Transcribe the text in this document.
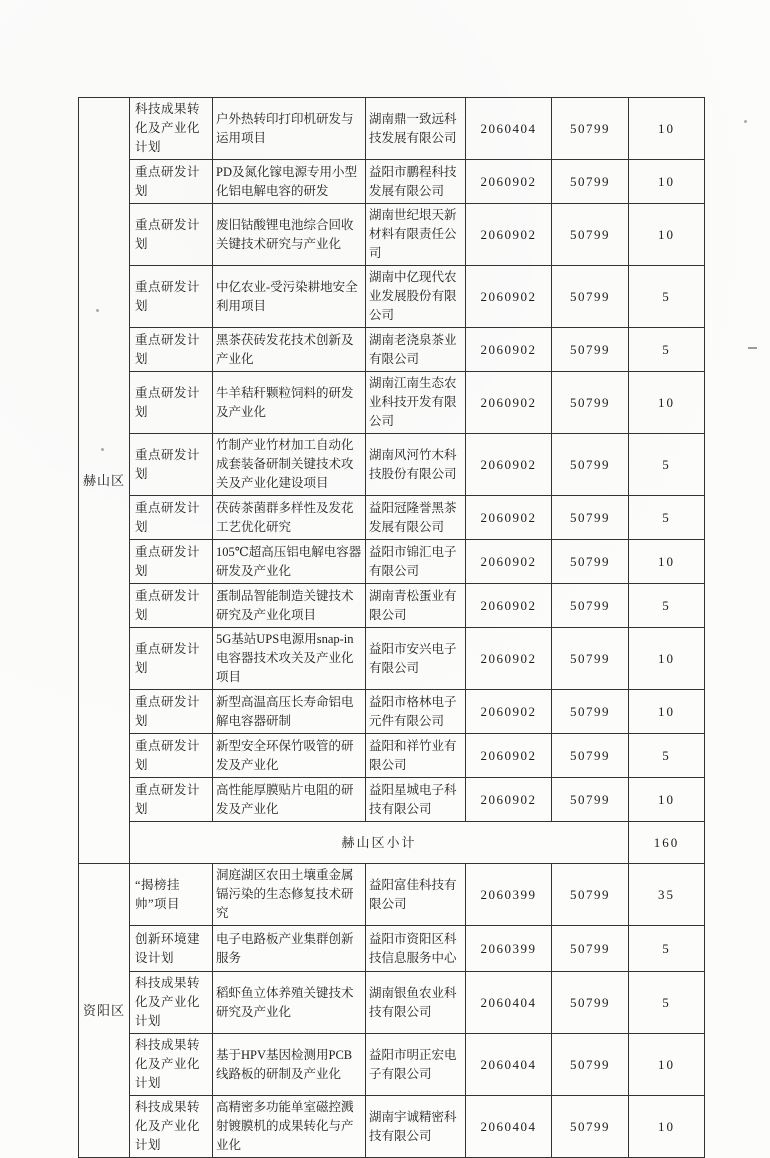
赫山区	科技成果转化及产业化计划	户外热转印打印机研发与运用项目	湖南鼎一致远科技发展有限公司	2060404	50799	10
	重点研发计划	PD及氮化镓电源专用小型化铝电解电容的研发	益阳市鹏程科技发展有限公司	2060902	50799	10
	重点研发计划	废旧钴酸锂电池综合回收关键技术研究与产业化	湖南世纪垠天新材料有限责任公司	2060902	50799	10
	重点研发计划	中亿农业-受污染耕地安全利用项目	湖南中亿现代农业发展股份有限公司	2060902	50799	5
	重点研发计划	黑茶茯砖发花技术创新及产业化	湖南老浇泉茶业有限公司	2060902	50799	5
	重点研发计划	牛羊秸秆颗粒饲料的研发及产业化	湖南江南生态农业科技开发有限公司	2060902	50799	10
	重点研发计划	竹制产业竹材加工自动化成套装备研制关键技术攻关及产业化建设项目	湖南风河竹木科技股份有限公司	2060902	50799	5
	重点研发计划	茯砖茶菌群多样性及发花工艺优化研究	益阳冠隆誉黑茶发展有限公司	2060902	50799	5
	重点研发计划	105℃超高压铝电解电容器研发及产业化	益阳市锦汇电子有限公司	2060902	50799	10
	重点研发计划	蛋制品智能制造关键技术研究及产业化项目	湖南青松蛋业有限公司	2060902	50799	5
	重点研发计划	5G基站UPS电源用snap-in电容器技术攻关及产业化项目	益阳市安兴电子有限公司	2060902	50799	10
	重点研发计划	新型高温高压长寿命铝电解电容器研制	益阳市格林电子元件有限公司	2060902	50799	10
	重点研发计划	新型安全环保竹吸管的研发及产业化	益阳和祥竹业有限公司	2060902	50799	5
	重点研发计划	高性能厚膜贴片电阻的研发及产业化	益阳星城电子科技有限公司	2060902	50799	10
	赫山区小计					160
资阳区	“揭榜挂帅”项目	洞庭湖区农田土壤重金属镉污染的生态修复技术研究	益阳富佳科技有限公司	2060399	50799	35
	创新环境建设计划	电子电路板产业集群创新服务	益阳市资阳区科技信息服务中心	2060399	50799	5
	科技成果转化及产业化计划	稻虾鱼立体养殖关键技术研究及产业化	湖南银鱼农业科技有限公司	2060404	50799	5
	科技成果转化及产业化计划	基于HPV基因检测用PCB线路板的研制及产业化	益阳市明正宏电子有限公司	2060404	50799	10
	科技成果转化及产业化计划	高精密多功能单室磁控溅射镀膜机的成果转化与产业化	湖南宇诚精密科技有限公司	2060404	50799	10
